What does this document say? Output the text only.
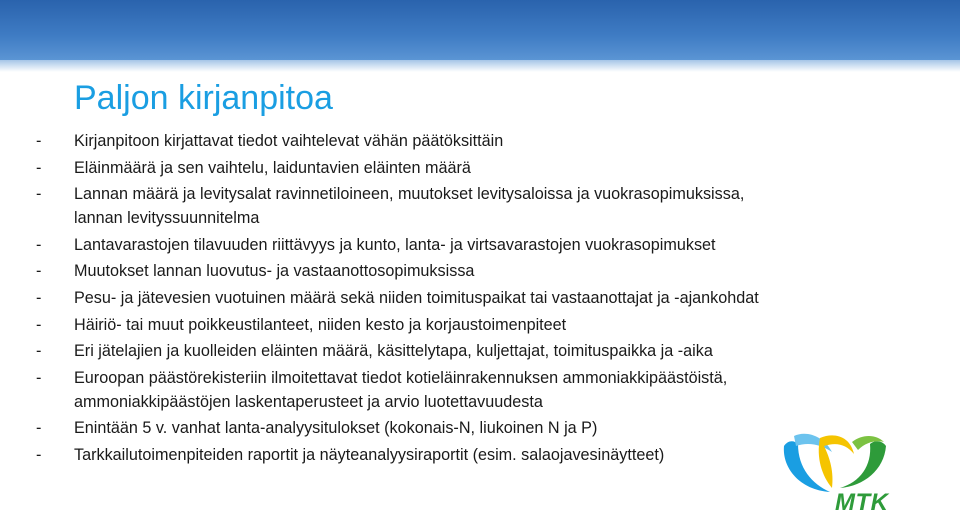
Paljon kirjanpitoa
-	Kirjanpitoon kirjattavat tiedot vaihtelevat vähän päätöksittäin
-	Eläinmäärä ja sen vaihtelu, laiduntavien eläinten määrä
-	Lannan määrä ja levitysalat ravinnetiloineen, muutokset levitysaloissa ja vuokrasopimuksissa,
lannan levityssuunnitelma
-	Lantavarastojen tilavuuden riittävyys ja kunto, lanta- ja virtsavarastojen vuokrasopimukset
-	Muutokset lannan luovutus- ja vastaanottosopimuksissa
-	Pesu- ja jätevesien vuotuinen määrä sekä niiden toimituspaikat tai vastaanottajat ja -ajankohdat
-	Häiriö- tai muut poikkeustilanteet, niiden kesto ja korjaustoimenpiteet
-	Eri jätelajien ja kuolleiden eläinten määrä, käsittelytapa, kuljettajat, toimituspaikka ja -aika
-	Euroopan päästörekisteriin ilmoitettavat tiedot kotieläinrakennuksen ammoniakkipäästöistä,
ammoniakkipäästöjen laskentaperusteet ja arvio luotettavuudesta
-	Enintään 5 v. vanhat lanta-analyysitulokset (kokonais-N, liukoinen N ja P)
-	Tarkkailutoimenpiteiden raportit ja näyteanalyysiraportit (esim. salaojavesinäytteet)
MTK
